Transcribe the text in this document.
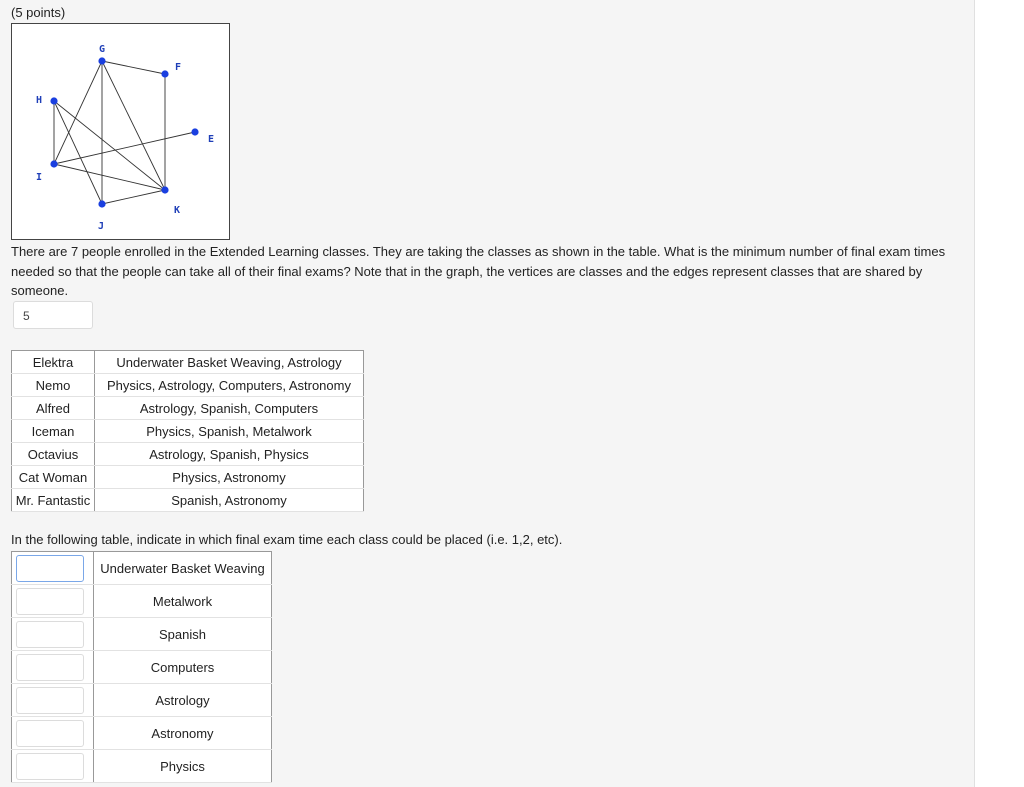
(5 points)
G
F
H
E
I
K
J
There are 7 people enrolled in the Extended Learning classes. They are taking the classes as shown in the table. What is the minimum number of final exam times needed so that the people can take all of their final exams? Note that in the graph, the vertices are classes and the edges represent classes that are shared by someone.
5
Elektra	Underwater Basket Weaving, Astrology
Nemo	Physics, Astrology, Computers, Astronomy
Alfred	Astrology, Spanish, Computers
Iceman	Physics, Spanish, Metalwork
Octavius	Astrology, Spanish, Physics
Cat Woman	Physics, Astronomy
Mr. Fantastic	Spanish, Astronomy
In the following table, indicate in which final exam time each class could be placed (i.e. 1,2, etc).
	Underwater Basket Weaving

	Metalwork

	Spanish

	Computers

	Astrology

	Astronomy

	Physics
